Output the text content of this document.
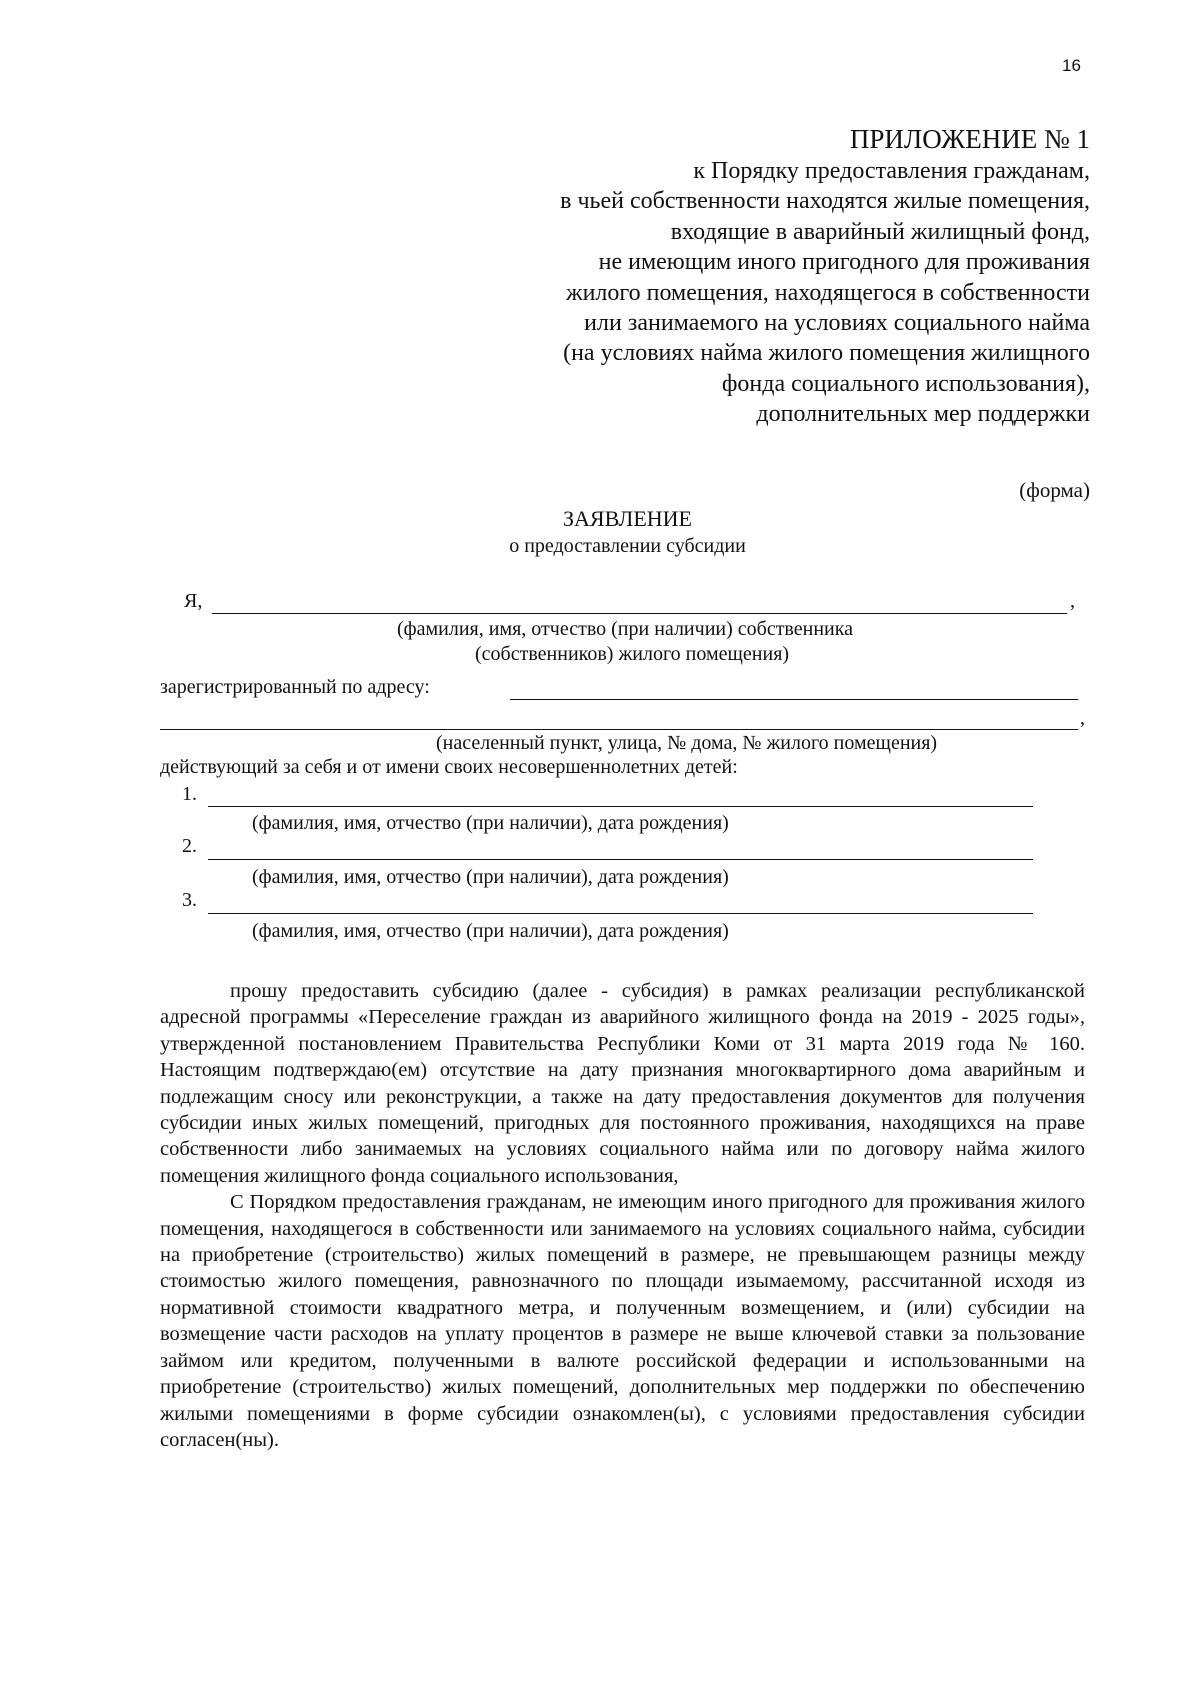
16
ПРИЛОЖЕНИЕ № 1
к Порядку предоставления гражданам,
в чьей собственности находятся жилые помещения,
входящие в аварийный жилищный фонд,
не имеющим иного пригодного для проживания
жилого помещения, находящегося в собственности
или занимаемого на условиях социального найма
(на условиях найма жилого помещения жилищного
фонда социального использования),
дополнительных мер поддержки
(форма)
ЗАЯВЛЕНИЕ
о предоставлении субсидии
Я,	,
(фамилия, имя, отчество (при наличии) собственника
(собственников) жилого помещения)
зарегистрированный по адресу:
,
(населенный пункт, улица, № дома, № жилого помещения)
действующий за себя и от имени своих несовершеннолетних детей:
1.
(фамилия, имя, отчество (при наличии), дата рождения)
2.
(фамилия, имя, отчество (при наличии), дата рождения)
3.
(фамилия, имя, отчество (при наличии), дата рождения)

прошу предоставить субсидию (далее - субсидия) в рамках реализации республиканской адресной программы «Переселение граждан из аварийного жилищного фонда на 2019 - 2025 годы», утвержденной постановлением Правительства Республики Коми от 31 марта 2019 года № 160. Настоящим подтверждаю(ем) отсутствие на дату признания многоквартирного дома аварийным и подлежащим сносу или реконструкции, а также на дату предоставления документов для получения субсидии иных жилых помещений, пригодных для постоянного проживания, находящихся на праве собственности либо занимаемых на условиях социального найма или по договору найма жилого помещения жилищного фонда социального использования,

С Порядком предоставления гражданам, не имеющим иного пригодного для проживания жилого помещения, находящегося в собственности или занимаемого на условиях социального найма, субсидии на приобретение (строительство) жилых помещений в размере, не превышающем разницы между стоимостью жилого помещения, равнозначного по площади изымаемому, рассчитанной исходя из нормативной стоимости квадратного метра, и полученным возмещением, и (или) субсидии на возмещение части расходов на уплату процентов в размере не выше ключевой ставки за пользование займом или кредитом, полученными в валюте российской федерации и использованными на приобретение (строительство) жилых помещений, дополнительных мер поддержки по обеспечению жилыми помещениями в форме субсидии ознакомлен(ы), с условиями предоставления субсидии согласен(ны).
